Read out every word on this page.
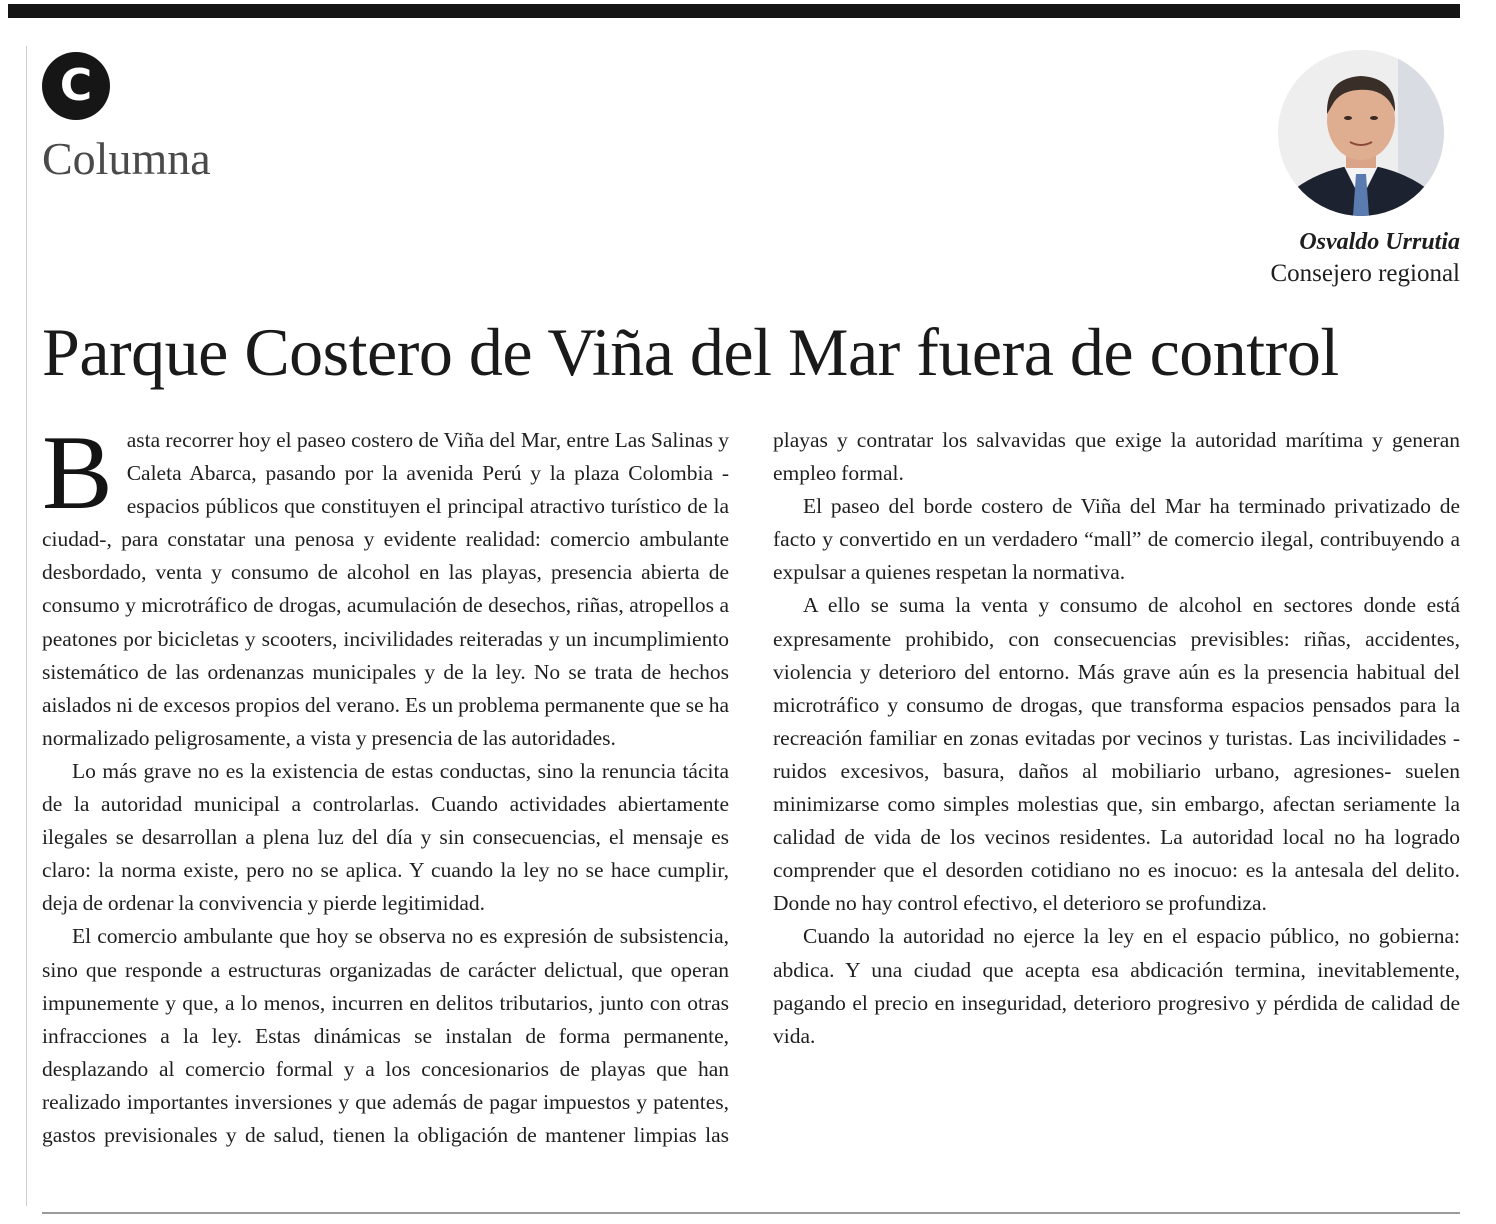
C
Columna
Osvaldo Urrutia
Consejero regional
Parque Costero de Viña del Mar fuera de control

Basta recorrer hoy el paseo costero de Viña del Mar, entre Las Salinas y Caleta Abarca, pasando por la avenida Perú y la plaza Colombia -espacios públicos que constituyen el principal atractivo turístico de la ciudad-, para constatar una penosa y evidente realidad: comercio ambulante desbordado, venta y consumo de alcohol en las playas, presencia abierta de consumo y microtráfico de drogas, acumulación de desechos, riñas, atropellos a peatones por bicicletas y scooters, incivilidades reiteradas y un incumplimiento sistemático de las ordenanzas municipales y de la ley. No se trata de hechos aislados ni de excesos propios del verano. Es un problema permanente que se ha normalizado peligrosamente, a vista y presencia de las autoridades.

Lo más grave no es la existencia de estas conductas, sino la renuncia tácita de la autoridad municipal a controlarlas. Cuando actividades abiertamente ilegales se desarrollan a plena luz del día y sin consecuencias, el mensaje es claro: la norma existe, pero no se aplica. Y cuando la ley no se hace cumplir, deja de ordenar la convivencia y pierde legitimidad.

El comercio ambulante que hoy se observa no es expresión de subsistencia, sino que responde a estructuras organizadas de carácter delictual, que operan impunemente y que, a lo menos, incurren en delitos tributarios, junto con otras infracciones a la ley. Estas dinámicas se instalan de forma permanente, desplazando al comercio formal y a los concesionarios de playas que han realizado importantes inversiones y que además de pagar impuestos y patentes, gastos previsionales y de salud, tienen la obligación de mantener limpias las playas y contratar los salvavidas que exige la autoridad marítima y generan empleo formal.

El paseo del borde costero de Viña del Mar ha terminado privatizado de facto y convertido en un verdadero “mall” de comercio ilegal, contribuyendo a expulsar a quienes respetan la normativa.

A ello se suma la venta y consumo de alcohol en sectores donde está expresamente prohibido, con consecuencias previsibles: riñas, accidentes, violencia y deterioro del entorno. Más grave aún es la presencia habitual del microtráfico y consumo de drogas, que transforma espacios pensados para la recreación familiar en zonas evitadas por vecinos y turistas. Las incivilidades -ruidos excesivos, basura, daños al mobiliario urbano, agresiones- suelen minimizarse como simples molestias que, sin embargo, afectan seriamente la calidad de vida de los vecinos residentes. La autoridad local no ha logrado comprender que el desorden cotidiano no es inocuo: es la antesala del delito. Donde no hay control efectivo, el deterioro se profundiza.

Cuando la autoridad no ejerce la ley en el espacio público, no gobierna: abdica. Y una ciudad que acepta esa abdicación termina, inevitablemente, pagando el precio en inseguridad, deterioro progresivo y pérdida de calidad de vida.
